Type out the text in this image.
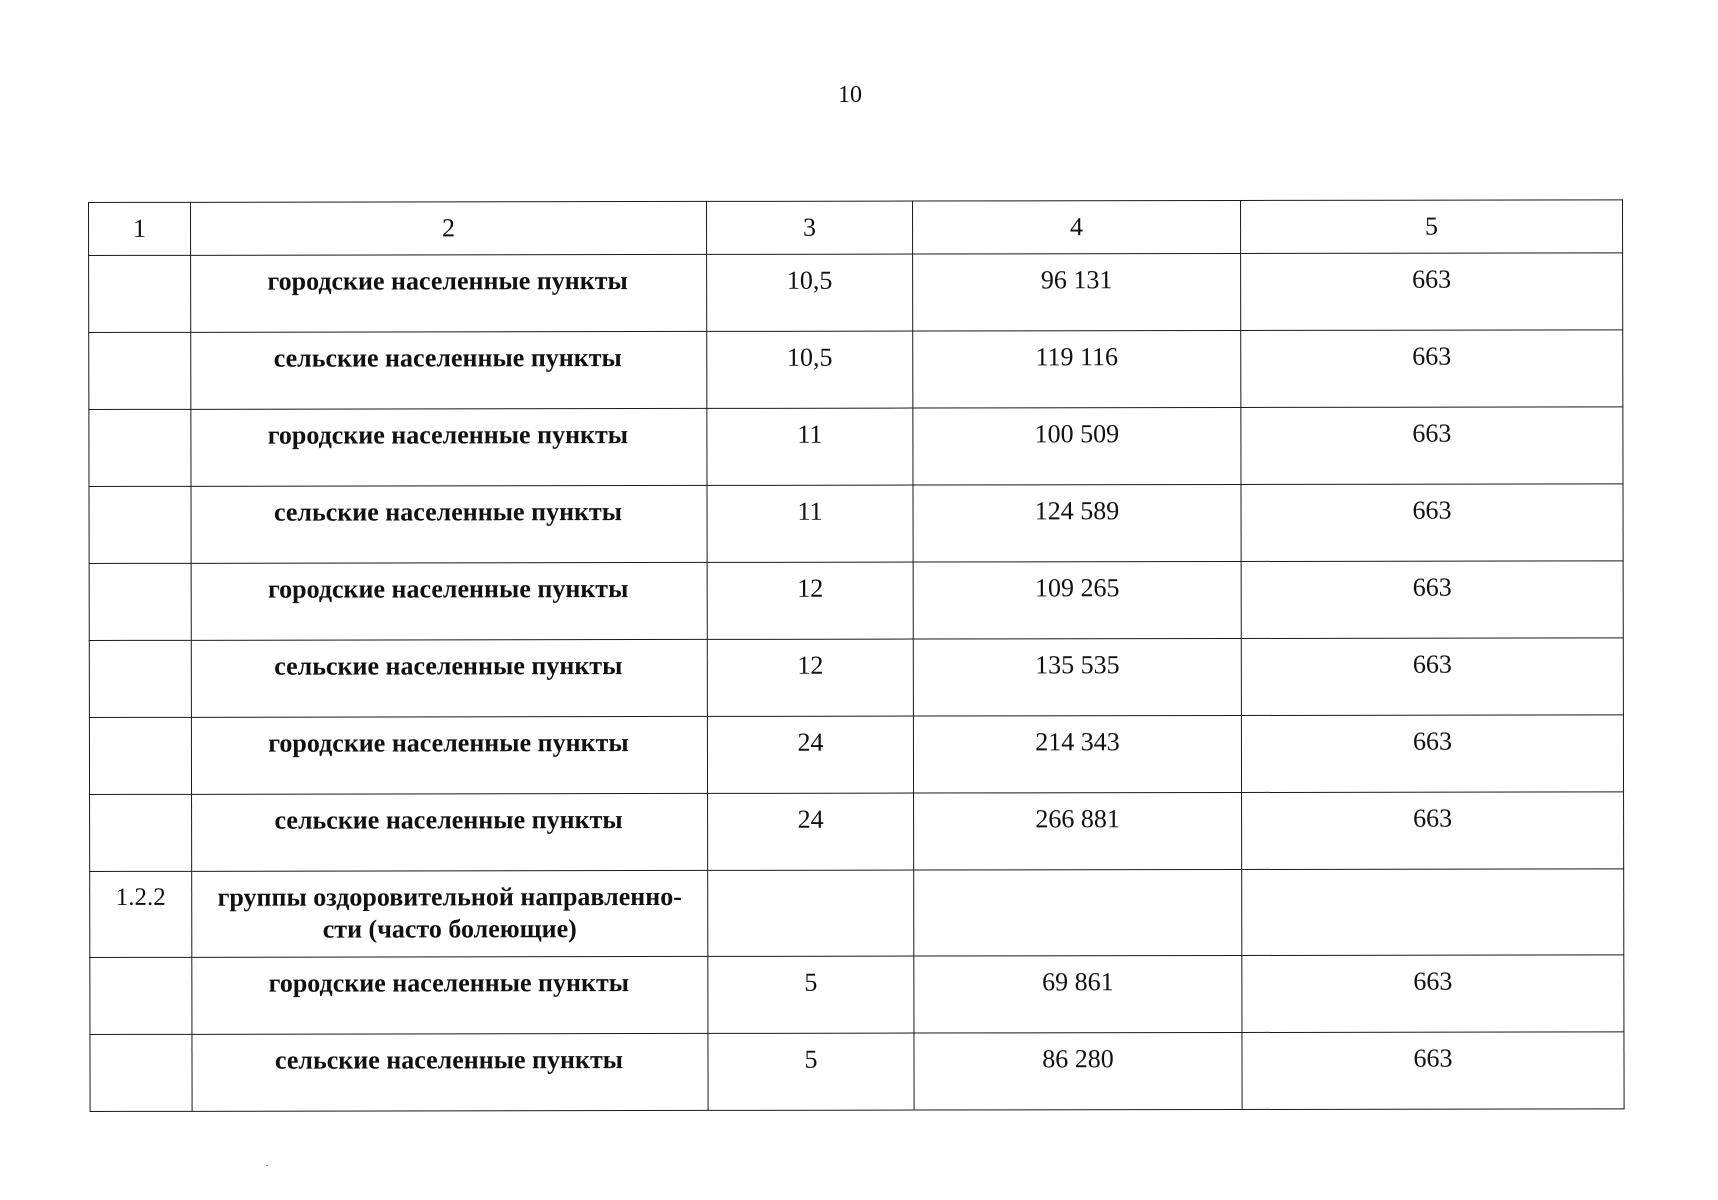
10
1	2	3	4	5
	городские населенные пункты	10,5	96 131	663
	сельские населенные пункты	10,5	119 116	663
	городские населенные пункты	11	100 509	663
	сельские населенные пункты	11	124 589	663
	городские населенные пункты	12	109 265	663
	сельские населенные пункты	12	135 535	663
	городские населенные пункты	24	214 343	663
	сельские населенные пункты	24	266 881	663
1.2.2	группы оздоровительной направленно-сти (часто болеющие)			
	городские населенные пункты	5	69 861	663
	сельские населенные пункты	5	86 280	663
